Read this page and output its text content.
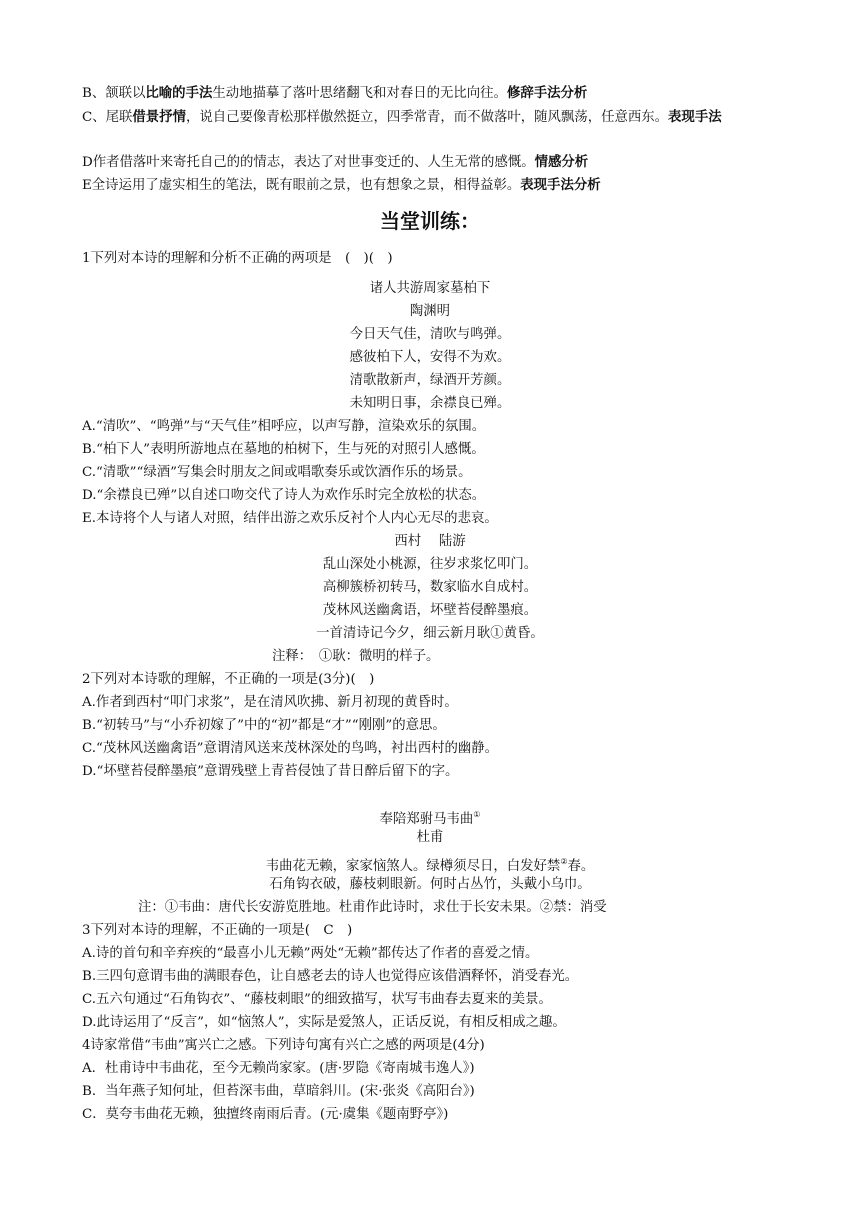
B、颔联以比喻的手法生动地描摹了落叶思绪翻飞和对春日的无比向往。修辞手法分析
C、尾联借景抒情，说自己要像青松那样傲然挺立，四季常青，而不做落叶，随风飘荡，任意西东。表现手法
D作者借落叶来寄托自己的的情志，表达了对世事变迁的、人生无常的感慨。情感分析
E全诗运用了虚实相生的笔法，既有眼前之景，也有想象之景，相得益彰。表现手法分析
当堂训练：
1下列对本诗的理解和分析不正确的两项是　(　)(　)
诸人共游周家墓柏下
陶渊明
今日天气佳，清吹与鸣弹。
感彼柏下人，安得不为欢。
清歌散新声，绿酒开芳颜。
未知明日事，余襟良已殚。
A.“清吹”、“鸣弹”与“天气佳”相呼应，以声写静，渲染欢乐的氛围。
B.“柏下人”表明所游地点在墓地的柏树下，生与死的对照引人感慨。
C.“清歌”“绿酒”写集会时朋友之间或唱歌奏乐或饮酒作乐的场景。
D.“余襟良已殚”以自述口吻交代了诗人为欢作乐时完全放松的状态。
E.本诗将个人与诸人对照，结伴出游之欢乐反衬个人内心无尽的悲哀。
西村　 陆游
乱山深处小桃源，往岁求浆忆叩门。
高柳簇桥初转马，数家临水自成村。
茂林风送幽禽语，坏壁苔侵醉墨痕。
一首清诗记今夕，细云新月耿①黄昏。
注释：　①耿：微明的样子。
2下列对本诗歌的理解，不正确的一项是(3分)(　)
A.作者到西村“叩门求浆”，是在清风吹拂、新月初现的黄昏时。
B.“初转马”与“小乔初嫁了”中的“初”都是“才”“刚刚”的意思。
C.“茂林风送幽禽语”意谓清风送来茂林深处的鸟鸣，衬出西村的幽静。
D.“坏壁苔侵醉墨痕”意谓残壁上青苔侵蚀了昔日醉后留下的字。
奉陪郑驸马韦曲①
杜甫
韦曲花无赖，家家恼煞人。绿樽须尽日，白发好禁②春。
石角钩衣破，藤枝刺眼新。何时占丛竹，头戴小乌巾。
注：①韦曲：唐代长安游览胜地。杜甫作此诗时，求仕于长安未果。②禁：消受
3下列对本诗的理解，不正确的一项是(　C　)
A.诗的首句和辛弃疾的“最喜小儿无赖”两处“无赖”都传达了作者的喜爱之情。
B.三四句意谓韦曲的满眼春色，让自感老去的诗人也觉得应该借酒释怀，消受春光。
C.五六句通过“石角钩衣”、“藤枝刺眼”的细致描写，状写韦曲春去夏来的美景。
D.此诗运用了“反言”，如“恼煞人”，实际是爱煞人，正话反说，有相反相成之趣。
4诗家常借“韦曲”寓兴亡之感。下列诗句寓有兴亡之感的两项是(4分)
A．杜甫诗中韦曲花，至今无赖尚家家。(唐·罗隐《寄南城韦逸人》)
B．当年燕子知何址，但苔深韦曲，草暗斜川。(宋·张炎《高阳台》)
C．莫夸韦曲花无赖，独擅终南雨后青。(元·虞集《题南野亭》)
